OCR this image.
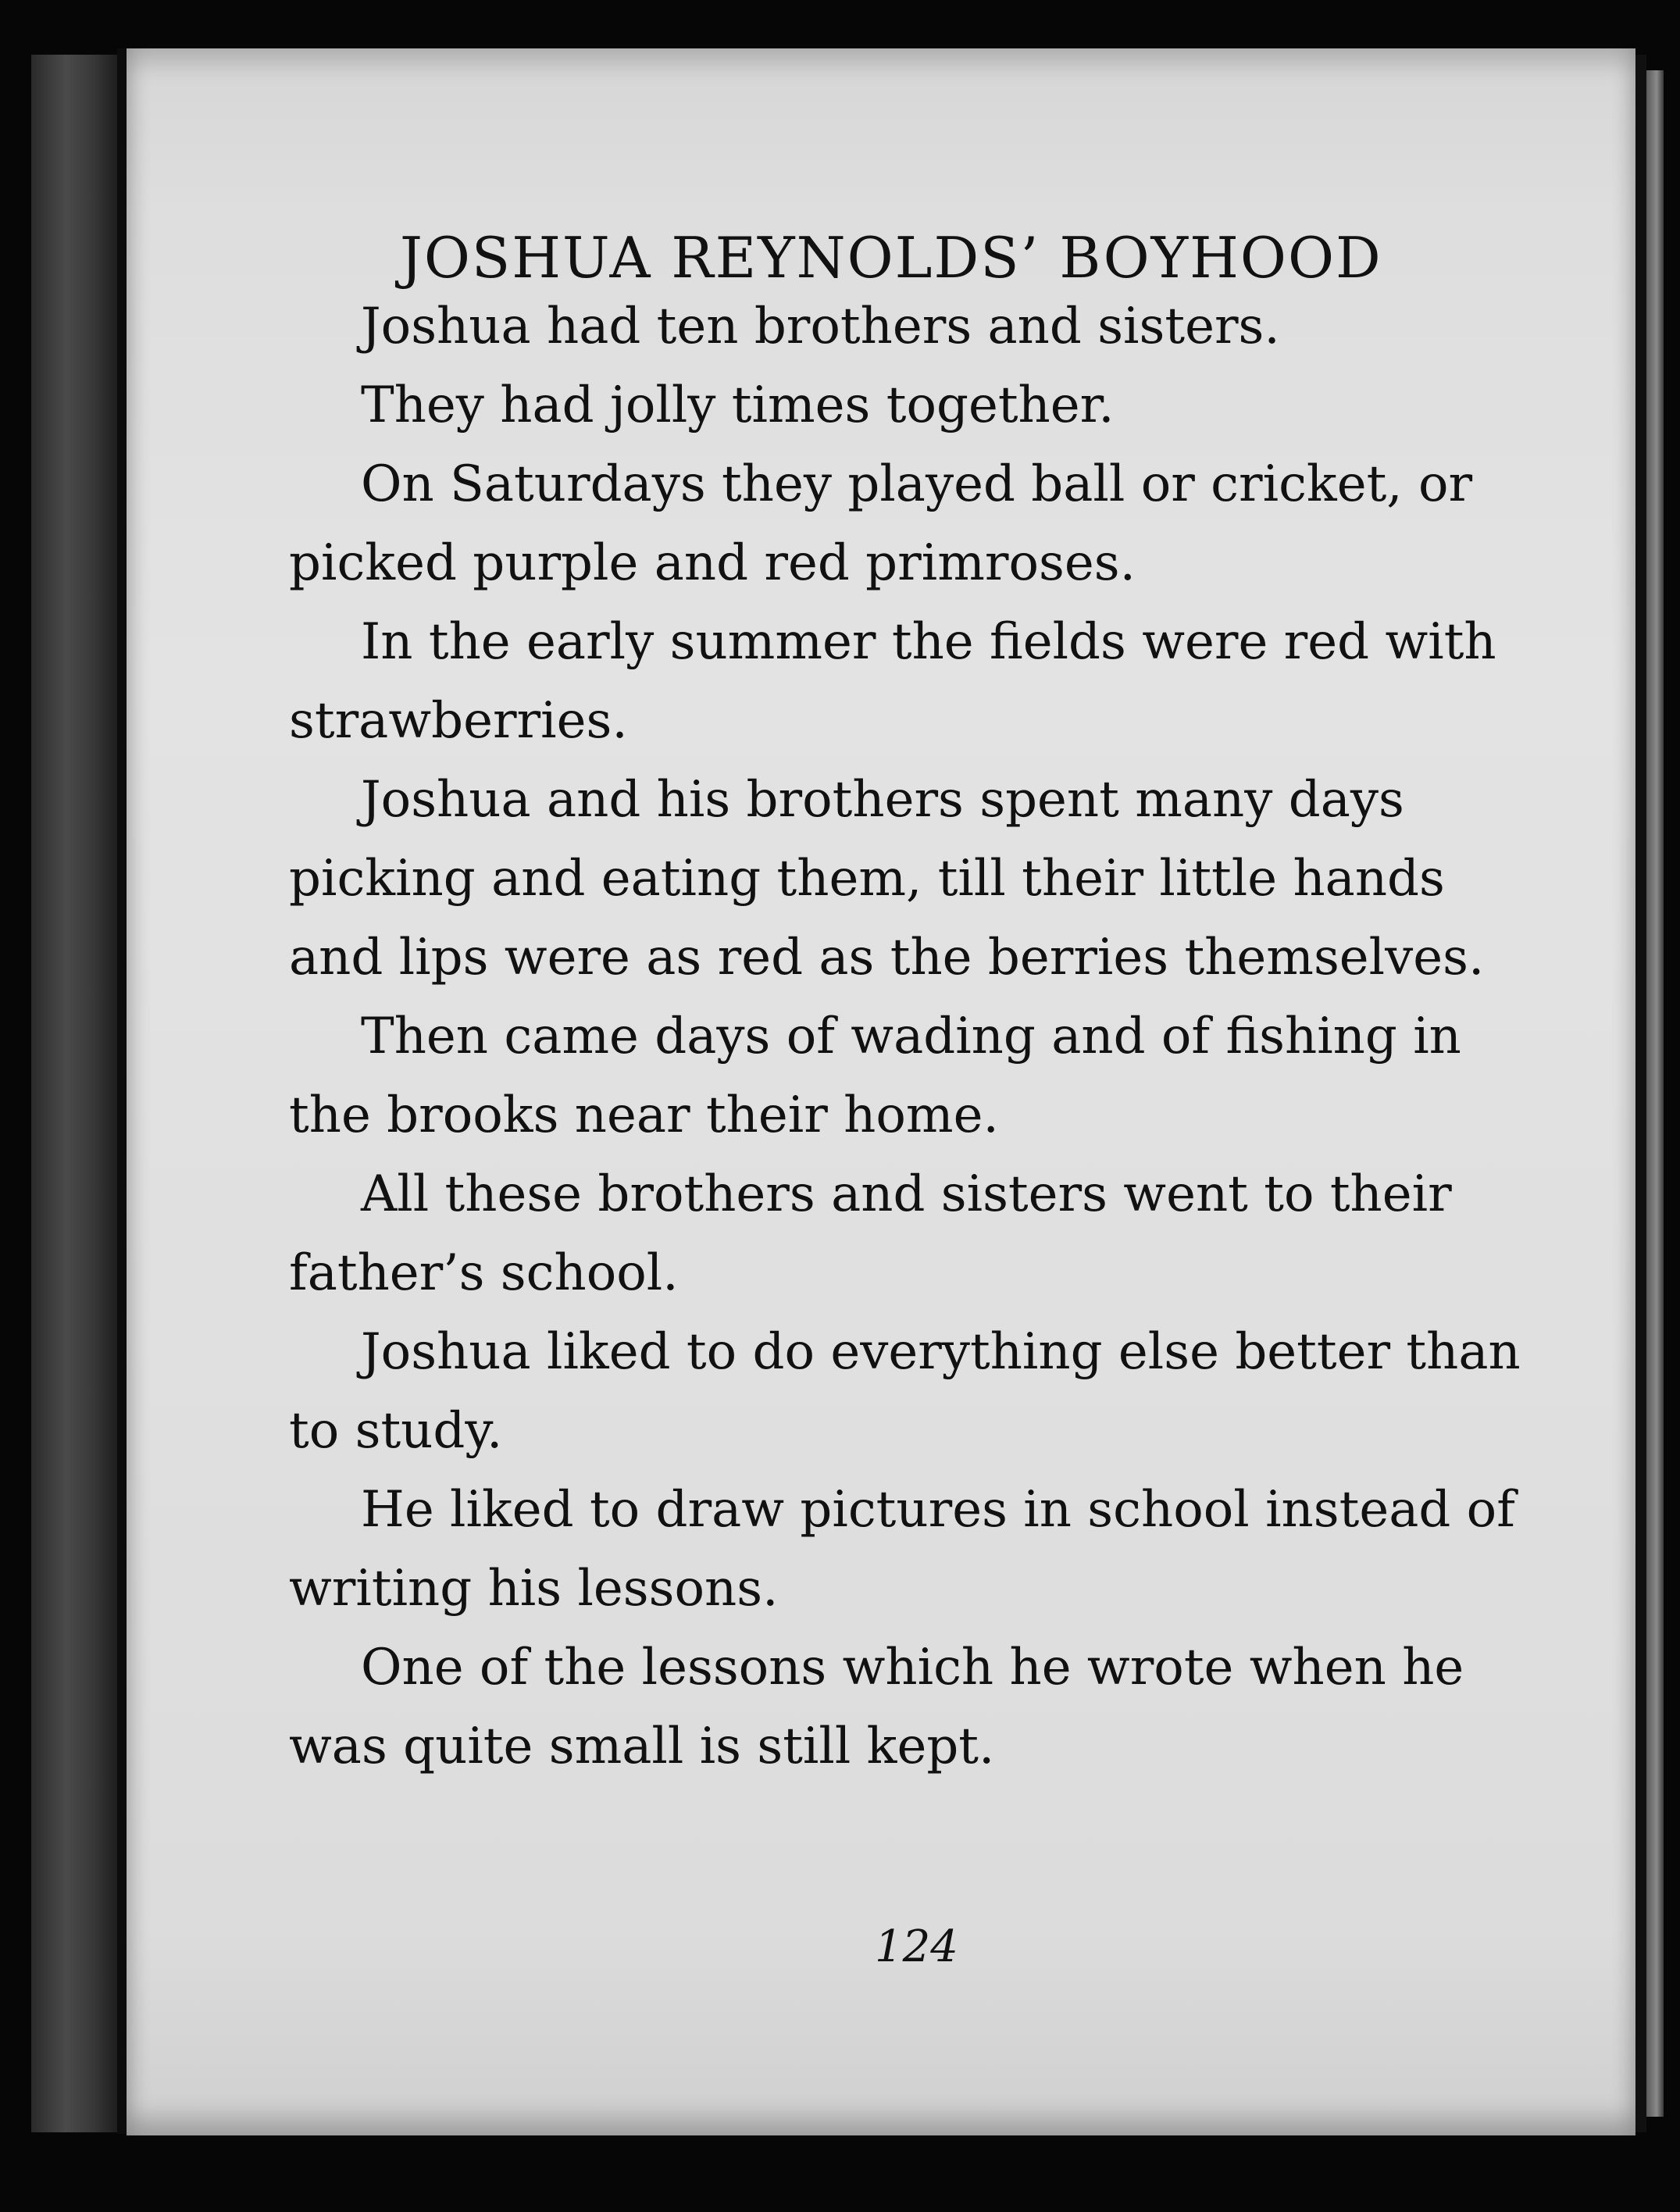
JOSHUA REYNOLDS’ BOYHOOD

Joshua had ten brothers and sisters.

They had jolly times together.

On Saturdays they played ball or cricket, or picked purple and red primroses.

In the early summer the fields were red with strawberries.

Joshua and his brothers spent many days picking and eating them, till their little hands and lips were as red as the berries themselves.

Then came days of wading and of fishing in the brooks near their home.

All these brothers and sisters went to their father’s school.

Joshua liked to do everything else better than to study.

He liked to draw pictures in school instead of writing his lessons.

One of the lessons which he wrote when he was quite small is still kept.

124
